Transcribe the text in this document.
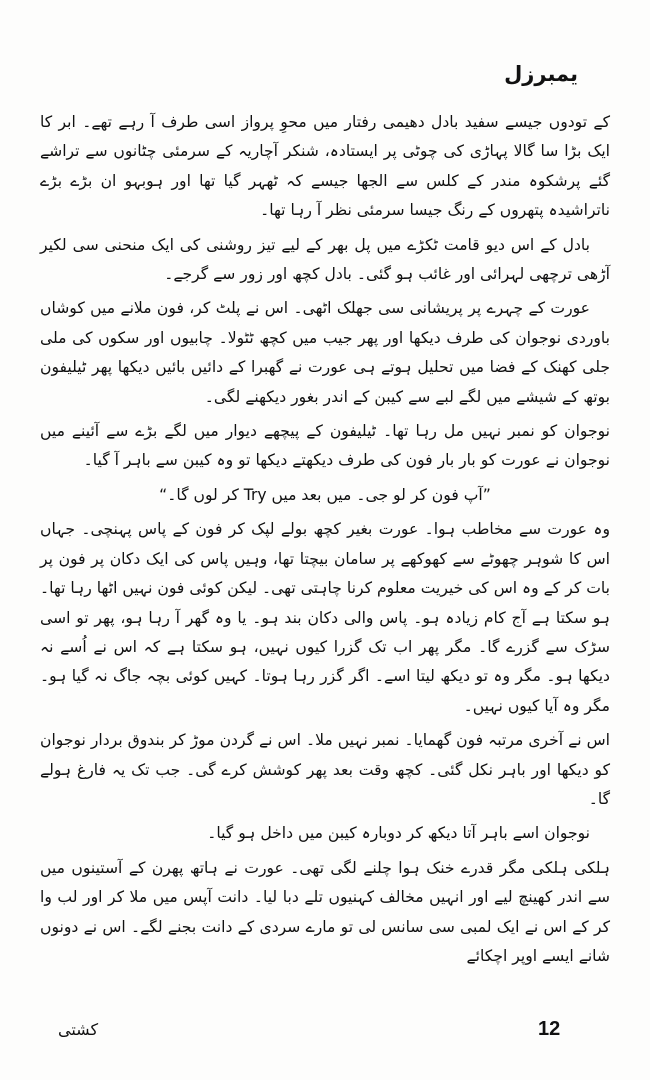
یمبرزل

کے تودوں جیسے سفید بادل دھیمی رفتار میں محوِ پرواز اسی طرف آ رہے تھے۔ ابر کا ایک بڑا سا گالا پہاڑی کی چوٹی پر ایستادہ، شنکر آچاریہ کے سرمئی چٹانوں سے تراشے گئے پرشکوہ مندر کے کلس سے الجھا جیسے کہ ٹھہر گیا تھا اور ہوبہو ان بڑے بڑے ناتراشیدہ پتھروں کے رنگ جیسا سرمئی نظر آ رہا تھا۔

بادل کے اس دیو قامت ٹکڑے میں پل بھر کے لیے تیز روشنی کی ایک منحنی سی لکیر آڑھی ترچھی لہرائی اور غائب ہو گئی۔ بادل کچھ اور زور سے گرجے۔

عورت کے چہرے پر پریشانی سی جھلک اٹھی۔ اس نے پلٹ کر، فون ملانے میں کوشاں باوردی نوجوان کی طرف دیکھا اور پھر جیب میں کچھ ٹٹولا۔ چابیوں اور سکوں کی ملی جلی کھنک کے فضا میں تحلیل ہوتے ہی عورت نے گھبرا کے دائیں بائیں دیکھا پھر ٹیلیفون بوتھ کے شیشے میں لگے لبے سے کیبن کے اندر بغور دیکھنے لگی۔

نوجوان کو نمبر نہیں مل رہا تھا۔ ٹیلیفون کے پیچھے دیوار میں لگے بڑے سے آئینے میں نوجوان نے عورت کو بار بار فون کی طرف دیکھتے دیکھا تو وہ کیبن سے باہر آ گیا۔

”آپ فون کر لو جی۔ میں بعد میں Try کر لوں گا۔“

وہ عورت سے مخاطب ہوا۔ عورت بغیر کچھ بولے لپک کر فون کے پاس پہنچی۔ جہاں اس کا شوہر چھوٹے سے کھوکھے پر سامان بیچتا تھا، وہیں پاس کی ایک دکان پر فون پر بات کر کے وہ اس کی خیریت معلوم کرنا چاہتی تھی۔ لیکن کوئی فون نہیں اٹھا رہا تھا۔ ہو سکتا ہے آج کام زیادہ ہو۔ پاس والی دکان بند ہو۔ یا وہ گھر آ رہا ہو، پھر تو اسی سڑک سے گزرے گا۔ مگر پھر اب تک گزرا کیوں نہیں، ہو سکتا ہے کہ اس نے اُسے نہ دیکھا ہو۔ مگر وہ تو دیکھ لیتا اسے۔ اگر گزر رہا ہوتا۔ کہیں کوئی بچہ جاگ نہ گیا ہو۔ مگر وہ آیا کیوں نہیں۔

اس نے آخری مرتبہ فون گھمایا۔ نمبر نہیں ملا۔ اس نے گردن موڑ کر بندوق بردار نوجوان کو دیکھا اور باہر نکل گئی۔ کچھ وقت بعد پھر کوشش کرے گی۔ جب تک یہ فارغ ہولے گا۔

نوجوان اسے باہر آتا دیکھ کر دوبارہ کیبن میں داخل ہو گیا۔

ہلکی ہلکی مگر قدرے خنک ہوا چلنے لگی تھی۔ عورت نے ہاتھ پھرن کے آستینوں میں سے اندر کھینچ لیے اور انہیں مخالف کہنیوں تلے دبا لیا۔ دانت آپس میں ملا کر اور لب وا کر کے اس نے ایک لمبی سی سانس لی تو مارے سردی کے دانت بجنے لگے۔ اس نے دونوں شانے ایسے اوپر اچکائے

12
کشتی
